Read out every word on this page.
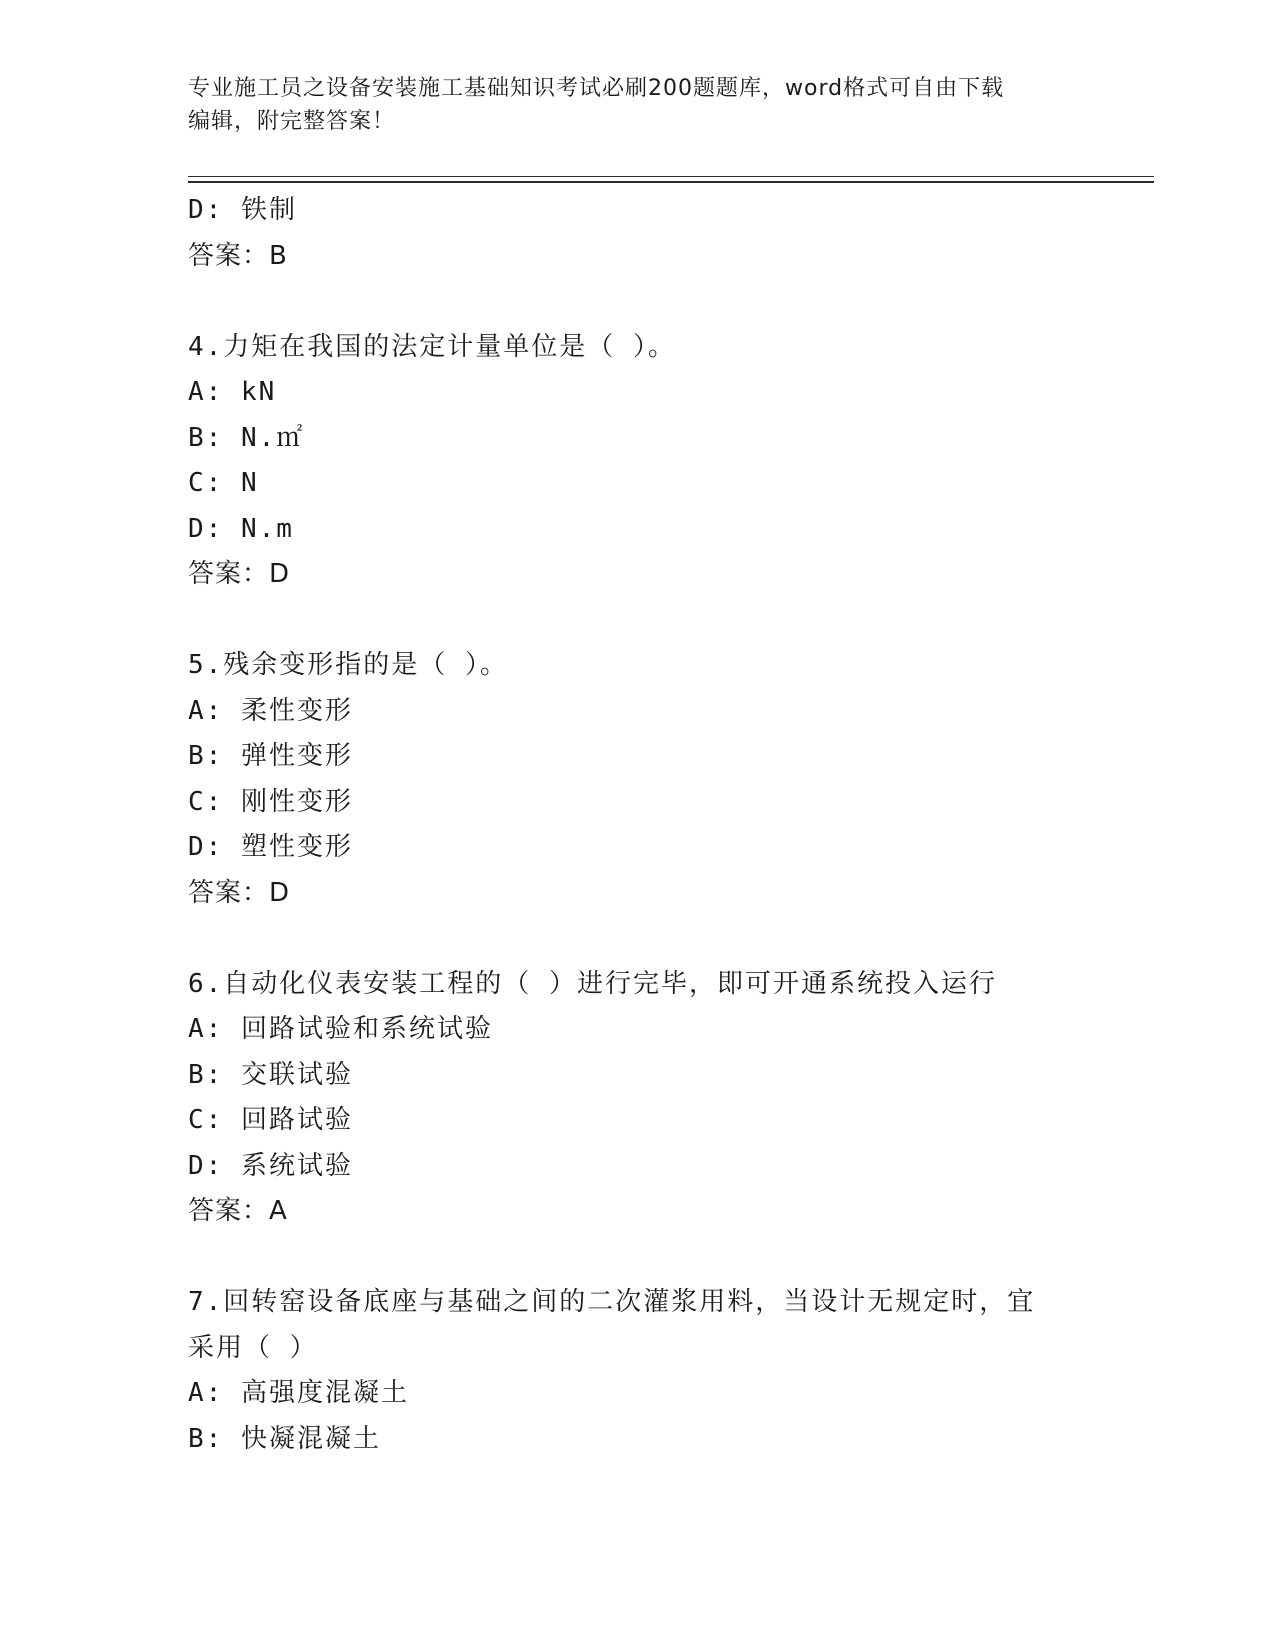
专业施工员之设备安装施工基础知识考试必刷200题题库，word格式可自由下载
编辑，附完整答案！
D: 铁制
答案：B
4.力矩在我国的法定计量单位是（ ）。
A: kN
B: N.㎡
C: N
D: N.m
答案：D
5.残余变形指的是（ ）。
A: 柔性变形
B: 弹性变形
C: 刚性变形
D: 塑性变形
答案：D
6.自动化仪表安装工程的（ ）进行完毕，即可开通系统投入运行
A: 回路试验和系统试验
B: 交联试验
C: 回路试验
D: 系统试验
答案：A
7.回转窑设备底座与基础之间的二次灌浆用料，当设计无规定时，宜
采用（ ）
A: 高强度混凝土
B: 快凝混凝土
